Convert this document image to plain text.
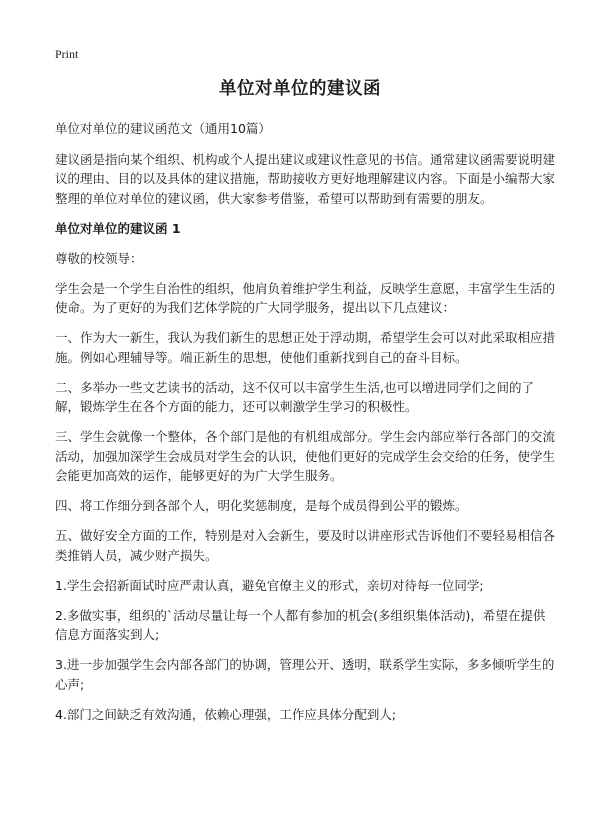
Print
单位对单位的建议函

单位对单位的建议函范文（通用10篇）

建议函是指向某个组织、机构或个人提出建议或建议性意见的书信。通常建议函需要说明建议的理由、目的以及具体的建议措施，帮助接收方更好地理解建议内容。下面是小编帮大家整理的单位对单位的建议函，供大家参考借鉴，希望可以帮助到有需要的朋友。

单位对单位的建议函 1

尊敬的校领导：

学生会是一个学生自治性的组织，他肩负着维护学生利益，反映学生意愿，丰富学生生活的使命。为了更好的为我们艺体学院的广大同学服务，提出以下几点建议：

一、作为大一新生，我认为我们新生的思想正处于浮动期，希望学生会可以对此采取相应措施。例如心理辅导等。端正新生的思想，使他们重新找到自己的奋斗目标。

二、多举办一些文艺读书的活动，这不仅可以丰富学生生活,也可以增进同学们之间的了解，锻炼学生在各个方面的能力，还可以刺激学生学习的积极性。

三、学生会就像一个整体，各个部门是他的有机组成部分。学生会内部应举行各部门的交流活动，加强加深学生会成员对学生会的认识，使他们更好的完成学生会交给的任务，使学生会能更加高效的运作，能够更好的为广大学生服务。

四、将工作细分到各部个人，明化奖惩制度，是每个成员得到公平的锻炼。

五、做好安全方面的工作，特别是对入会新生，要及时以讲座形式告诉他们不要轻易相信各类推销人员，减少财产损失。

1.学生会招新面试时应严肃认真，避免官僚主义的形式，亲切对待每一位同学;

2.多做实事，组织的`活动尽量让每一个人都有参加的机会(多组织集体活动)，希望在提供信息方面落实到人;

3.进一步加强学生会内部各部门的协调，管理公开、透明，联系学生实际，多多倾听学生的心声;

4.部门之间缺乏有效沟通，依赖心理强，工作应具体分配到人;
